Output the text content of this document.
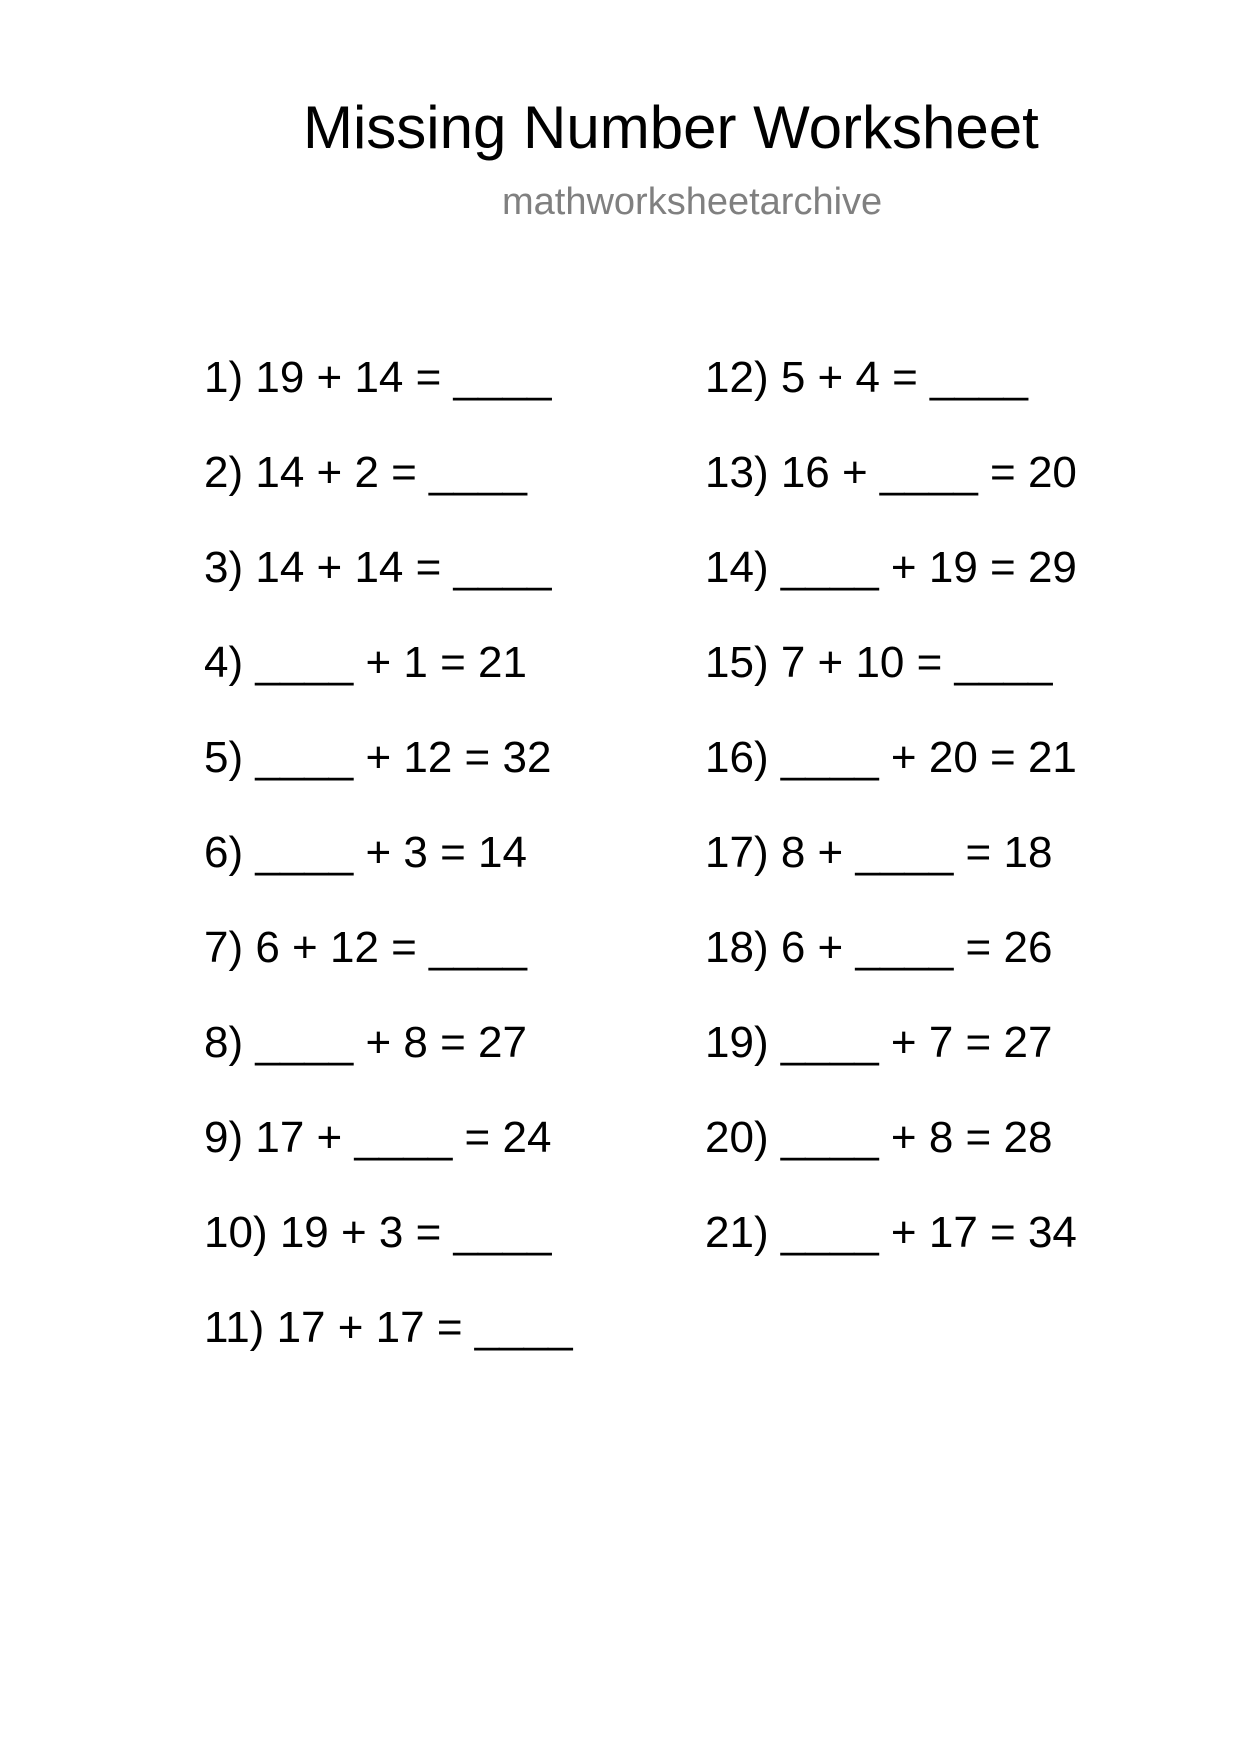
Missing Number Worksheet
mathworksheetarchive
1) 19 + 14 = ____
2) 14 + 2 = ____
3) 14 + 14 = ____
4) ____ + 1 = 21
5) ____ + 12 = 32
6) ____ + 3 = 14
7) 6 + 12 = ____
8) ____ + 8 = 27
9) 17 + ____ = 24
10) 19 + 3 = ____
11) 17 + 17 = ____
12) 5 + 4 = ____
13) 16 + ____ = 20
14) ____ + 19 = 29
15) 7 + 10 = ____
16) ____ + 20 = 21
17) 8 + ____ = 18
18) 6 + ____ = 26
19) ____ + 7 = 27
20) ____ + 8 = 28
21) ____ + 17 = 34
